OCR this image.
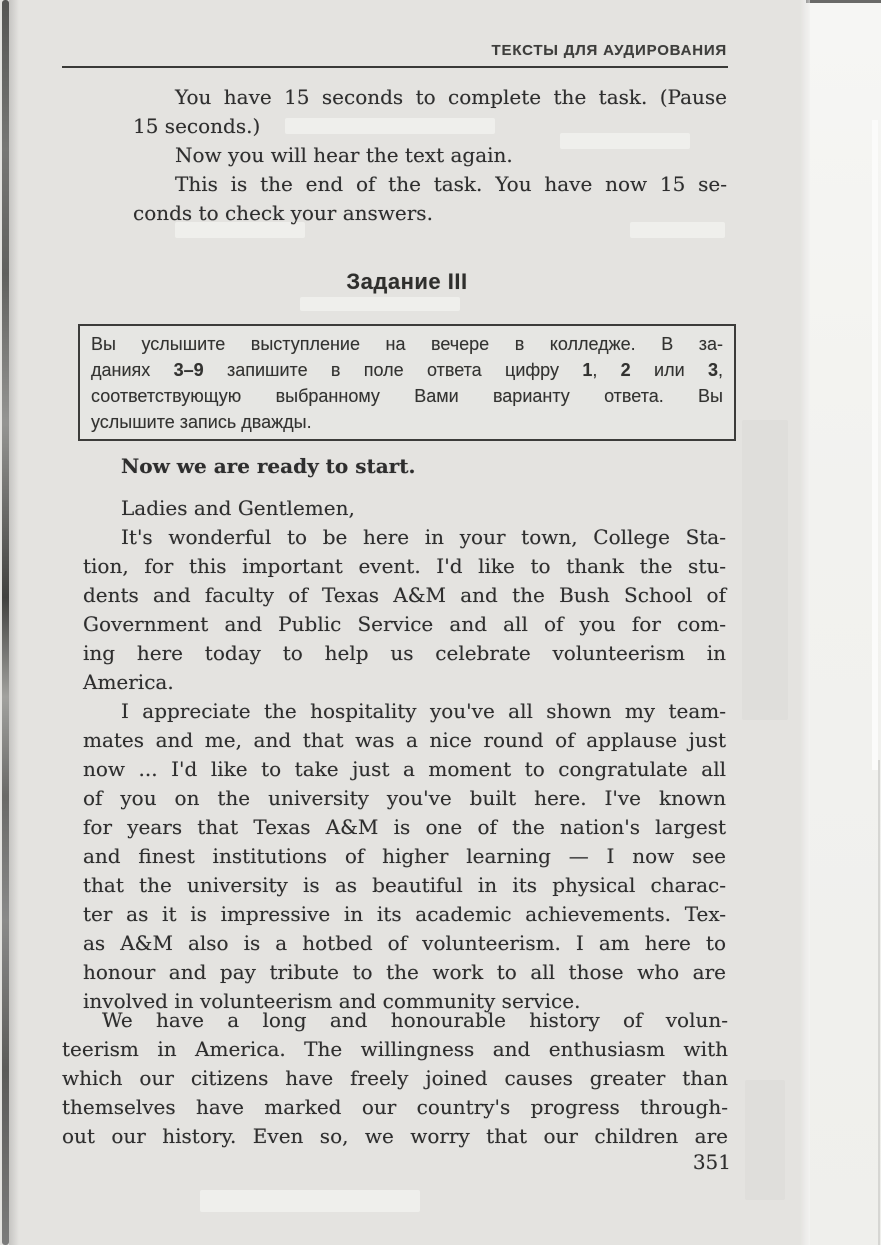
ТЕКСТЫ ДЛЯ АУДИРОВАНИЯ
You have 15 seconds to complete the task. (Pause
15 seconds.)
Now you will hear the text again.
This is the end of the task. You have now 15 se-
conds to check your answers.
Задание III
Вы услышите выступление на вечере в колледже. В за-
даниях 3–9 запишите в поле ответа цифру 1, 2 или 3,
соответствующую выбранному Вами варианту ответа. Вы
услышите запись дважды.
Now we are ready to start.
Ladies and Gentlemen,
It's wonderful to be here in your town, College Sta-
tion, for this important event. I'd like to thank the stu-
dents and faculty of Texas A&M and the Bush School of
Government and Public Service and all of you for com-
ing here today to help us celebrate volunteerism in
America.
I appreciate the hospitality you've all shown my team-
mates and me, and that was a nice round of applause just
now ... I'd like to take just a moment to congratulate all
of you on the university you've built here. I've known
for years that Texas A&M is one of the nation's largest
and finest institutions of higher learning — I now see
that the university is as beautiful in its physical charac-
ter as it is impressive in its academic achievements. Tex-
as A&M also is a hotbed of volunteerism. I am here to
honour and pay tribute to the work to all those who are
involved in volunteerism and community service.
We have a long and honourable history of volun-
teerism in America. The willingness and enthusiasm with
which our citizens have freely joined causes greater than
themselves have marked our country's progress through-
out our history. Even so, we worry that our children are
351
